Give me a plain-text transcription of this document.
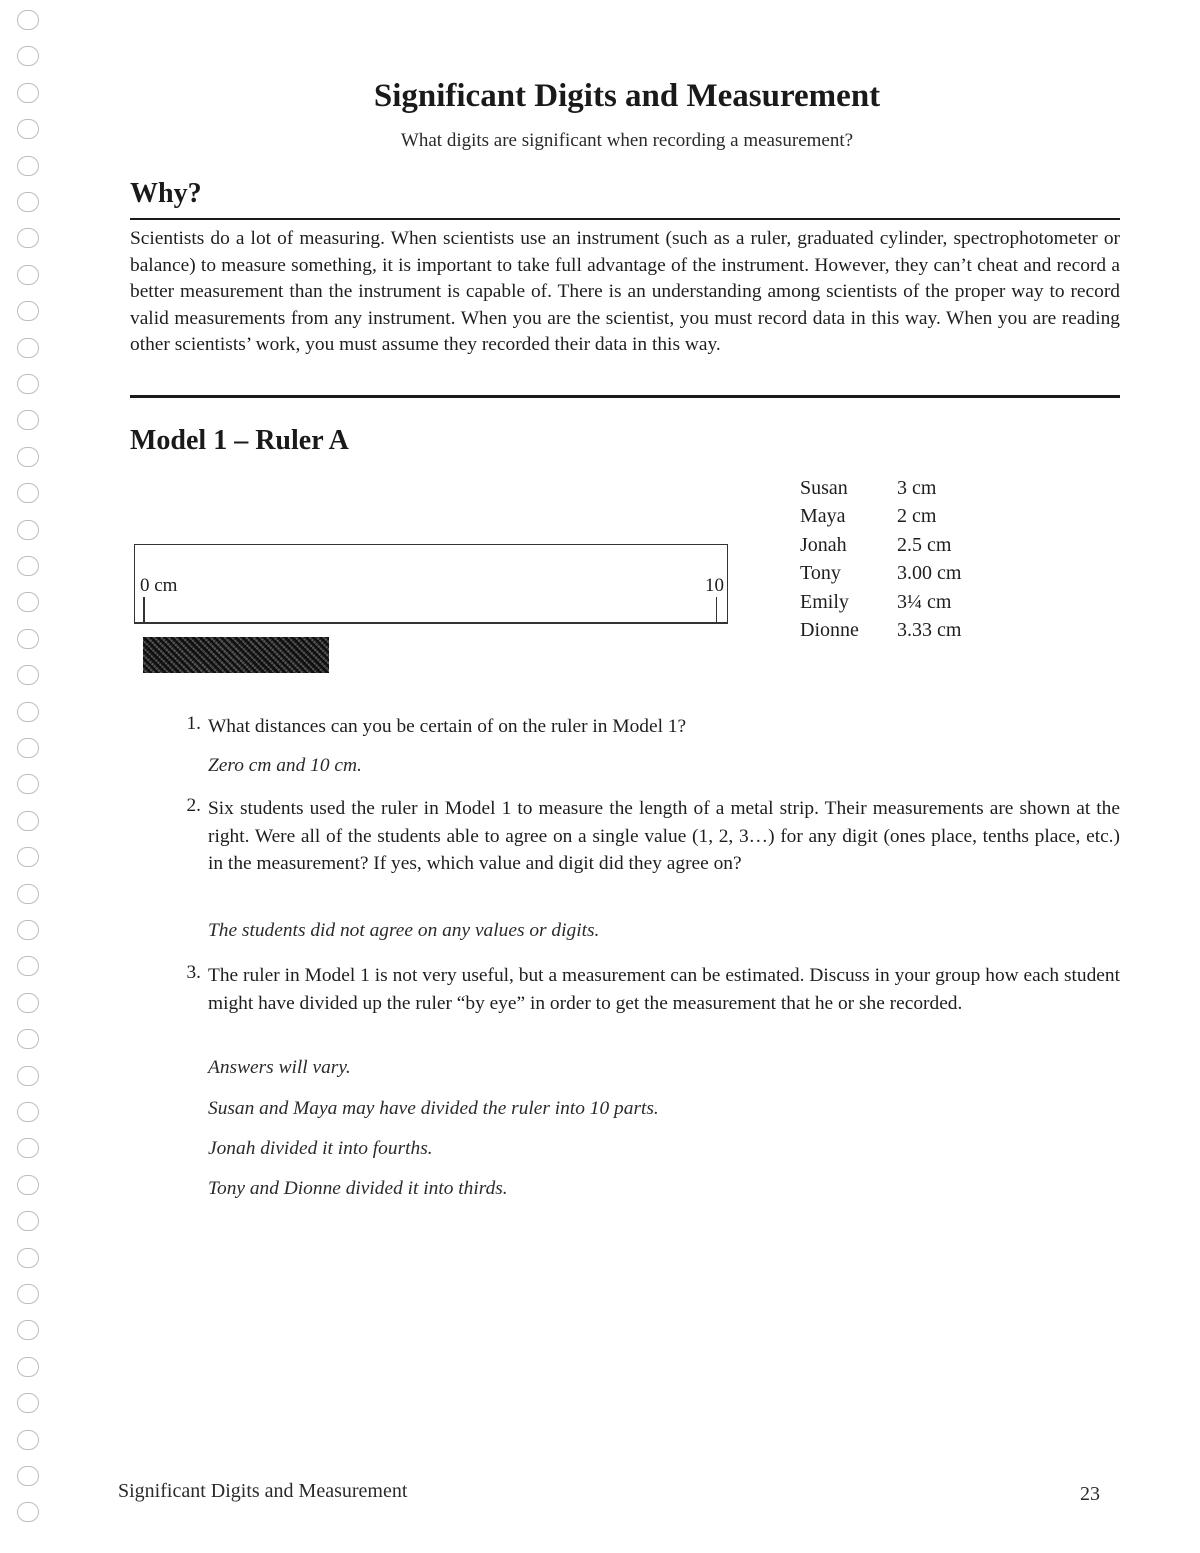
Significant Digits and Measurement
What digits are significant when recording a measurement?
Why?

Scientists do a lot of measuring. When scientists use an instrument (such as a ruler, graduated cylinder, spectrophotometer or balance) to measure something, it is important to take full advantage of the instrument. However, they can’t cheat and record a better measurement than the instrument is capable of. There is an understanding among scientists of the proper way to record valid measurements from any instrument. When you are the scientist, you must record data in this way. When you are reading other scientists’ work, you must assume they recorded their data in this way.

Model 1 – Ruler A
0 cm	10
Susan	3 cm
Maya	2 cm
Jonah	2.5 cm
Tony	3.00 cm
Emily	3¼ cm
Dionne	3.33 cm
1. What distances can you be certain of on the ruler in Model 1?

Zero cm and 10 cm.

2. Six students used the ruler in Model 1 to measure the length of a metal strip. Their measurements are shown at the right. Were all of the students able to agree on a single value (1, 2, 3…) for any digit (ones place, tenths place, etc.) in the measurement? If yes, which value and digit did they agree on?

The students did not agree on any values or digits.

3. The ruler in Model 1 is not very useful, but a measurement can be estimated. Discuss in your group how each student might have divided up the ruler “by eye” in order to get the measurement that he or she recorded.

Answers will vary.

Susan and Maya may have divided the ruler into 10 parts.

Jonah divided it into fourths.

Tony and Dionne divided it into thirds.

Significant Digits and Measurement	23
